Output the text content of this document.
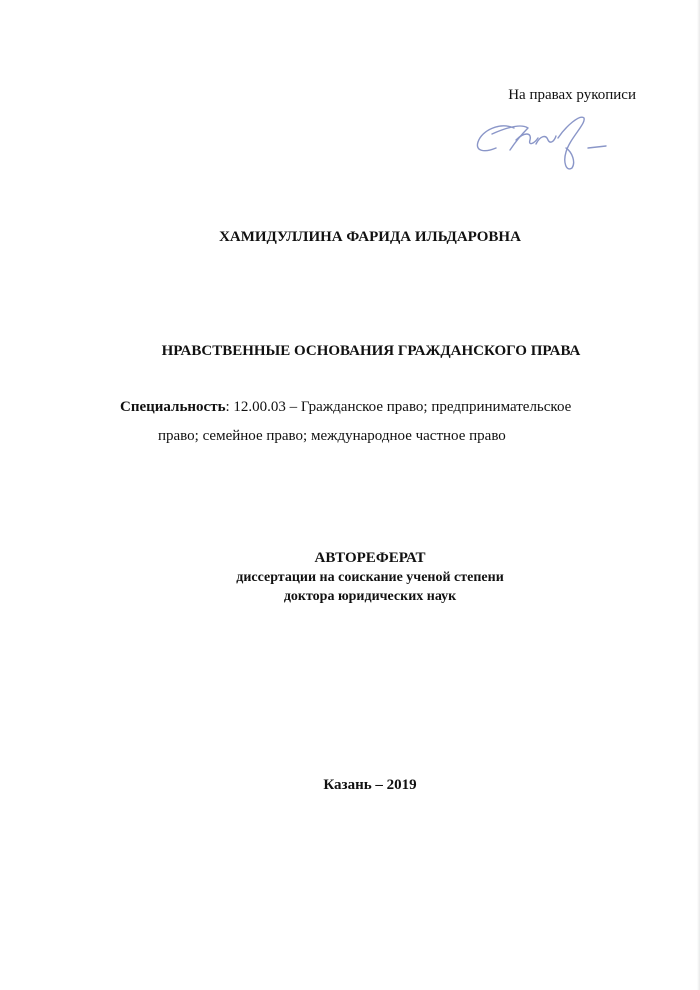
На правах рукописи
ХАМИДУЛЛИНА ФАРИДА ИЛЬДАРОВНА
НРАВСТВЕННЫЕ ОСНОВАНИЯ ГРАЖДАНСКОГО ПРАВА
Специальность: 12.00.03 – Гражданское право; предпринимательское
право; семейное право; международное частное право
АВТОРЕФЕРАТ
диссертации на соискание ученой степени
доктора юридических наук
Казань – 2019
